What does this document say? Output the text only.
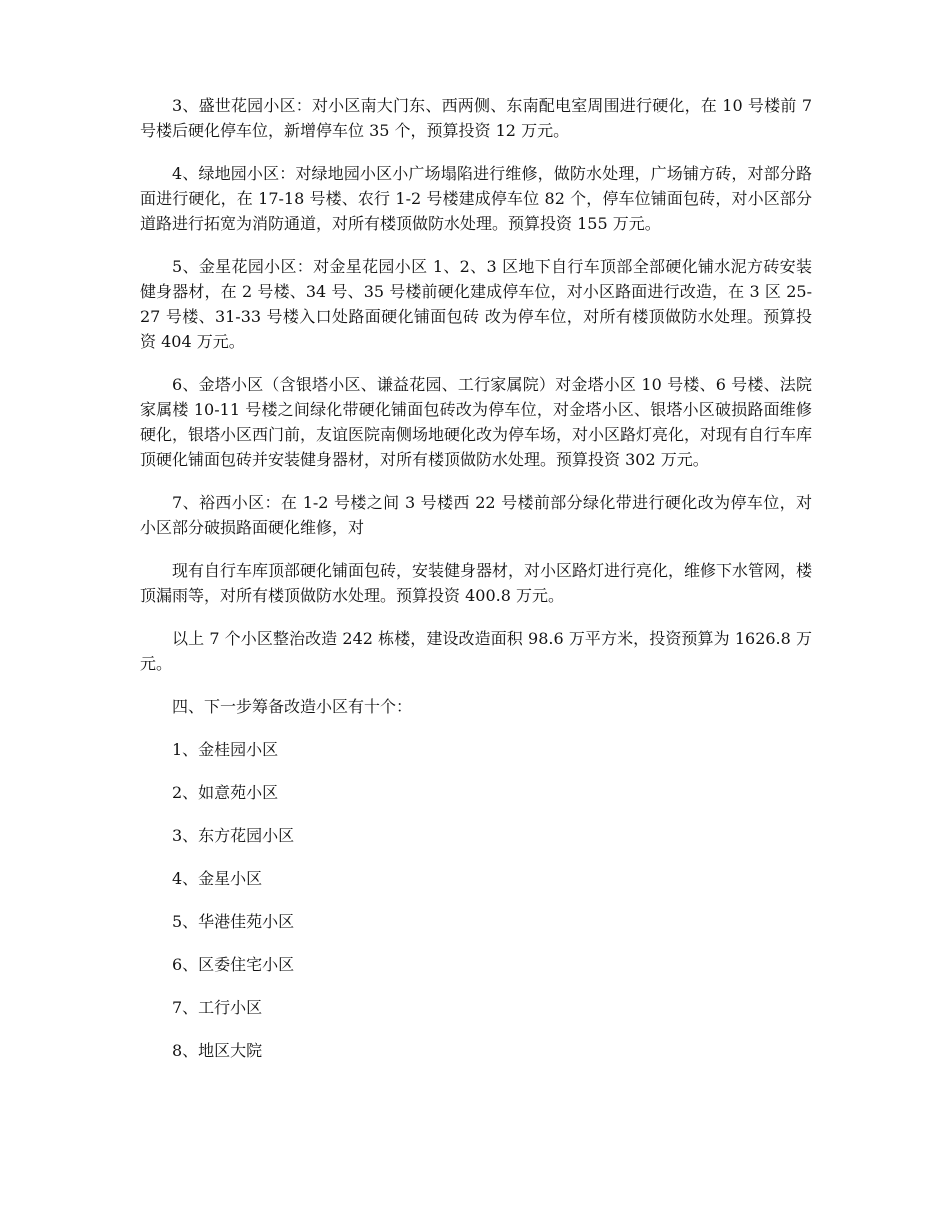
3、盛世花园小区：对小区南大门东、西两侧、东南配电室周围进行硬化，在 10 号楼前 7 号楼后硬化停车位，新增停车位 35 个，预算投资 12 万元。

4、绿地园小区：对绿地园小区小广场塌陷进行维修，做防水处理，广场铺方砖，对部分路面进行硬化，在 17-18 号楼、农行 1-2 号楼建成停车位 82 个，停车位铺面包砖，对小区部分道路进行拓宽为消防通道，对所有楼顶做防水处理。预算投资 155 万元。

5、金星花园小区：对金星花园小区 1、2、3 区地下自行车顶部全部硬化铺水泥方砖安装健身器材，在 2 号楼、34 号、35 号楼前硬化建成停车位，对小区路面进行改造，在 3 区 25-27 号楼、31-33 号楼入口处路面硬化铺面包砖 改为停车位，对所有楼顶做防水处理。预算投资 404 万元。

6、金塔小区（含银塔小区、谦益花园、工行家属院）对金塔小区 10 号楼、6 号楼、法院家属楼 10-11 号楼之间绿化带硬化铺面包砖改为停车位，对金塔小区、银塔小区破损路面维修硬化，银塔小区西门前，友谊医院南侧场地硬化改为停车场，对小区路灯亮化，对现有自行车库顶硬化铺面包砖并安装健身器材，对所有楼顶做防水处理。预算投资 302 万元。

7、裕西小区：在 1-2 号楼之间 3 号楼西 22 号楼前部分绿化带进行硬化改为停车位，对小区部分破损路面硬化维修，对

现有自行车库顶部硬化铺面包砖，安装健身器材，对小区路灯进行亮化，维修下水管网，楼顶漏雨等，对所有楼顶做防水处理。预算投资 400.8 万元。

以上 7 个小区整治改造 242 栋楼，建设改造面积 98.6 万平方米，投资预算为 1626.8 万元。

四、下一步筹备改造小区有十个：

1、金桂园小区

2、如意苑小区

3、东方花园小区

4、金星小区

5、华港佳苑小区

6、区委住宅小区

7、工行小区

8、地区大院
